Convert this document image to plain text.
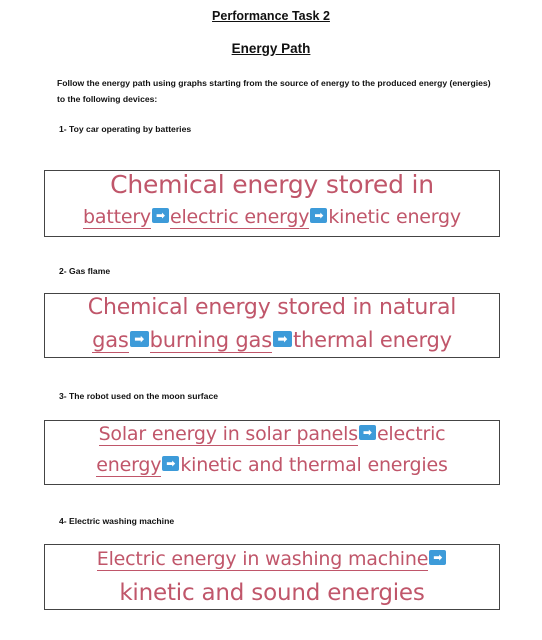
Performance Task 2
Energy Path
Follow the energy path using graphs starting from the source of energy to the produced energy (energies) to the following devices:
1- Toy car operating by batteries
Chemical energy stored in
battery ➡ electric energy ➡ kinetic energy
2- Gas flame
Chemical energy stored in natural
gas ➡ burning gas ➡ thermal energy
3- The robot used on the moon surface
Solar energy in solar panels ➡ electric
energy ➡ kinetic and thermal energies
4- Electric washing machine
Electric energy in washing machine ➡
kinetic and sound energies
